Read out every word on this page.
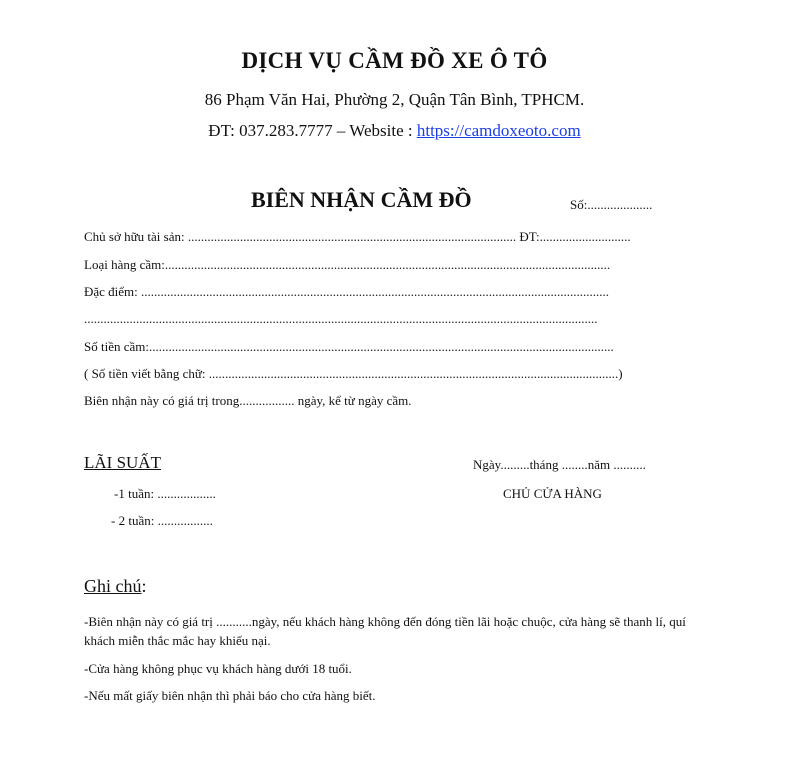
DỊCH VỤ CẦM ĐỒ XE Ô TÔ
86 Phạm Văn Hai, Phường 2, Quận Tân Bình, TPHCM.
ĐT: 037.283.7777 – Website : https://camdoxeoto.com
BIÊN NHẬN CẦM ĐỒ	Số:....................
Chủ sở hữu tài sản: ..................................................................................................... ĐT:............................
Loại hàng cầm:.........................................................................................................................................
Đặc điểm: ................................................................................................................................................
..............................................................................................................................................................
Số tiền cầm:...............................................................................................................................................
( Số tiền viết bằng chữ: ..............................................................................................................................)
Biên nhận này có giá trị trong................. ngày, kể từ ngày cầm.
LÃI SUẤT
-1 tuần: ..................
- 2 tuần: .................
Ngày.........tháng ........năm ..........
CHỦ CỬA HÀNG
Ghi chú:
-Biên nhận này có giá trị ...........ngày, nếu khách hàng không đến đóng tiền lãi hoặc chuộc, cửa hàng sẽ thanh lí, quí khách miễn thắc mắc hay khiếu nại.
-Cửa hàng không phục vụ khách hàng dưới 18 tuổi.
-Nếu mất giấy biên nhận thì phải báo cho cửa hàng biết.
